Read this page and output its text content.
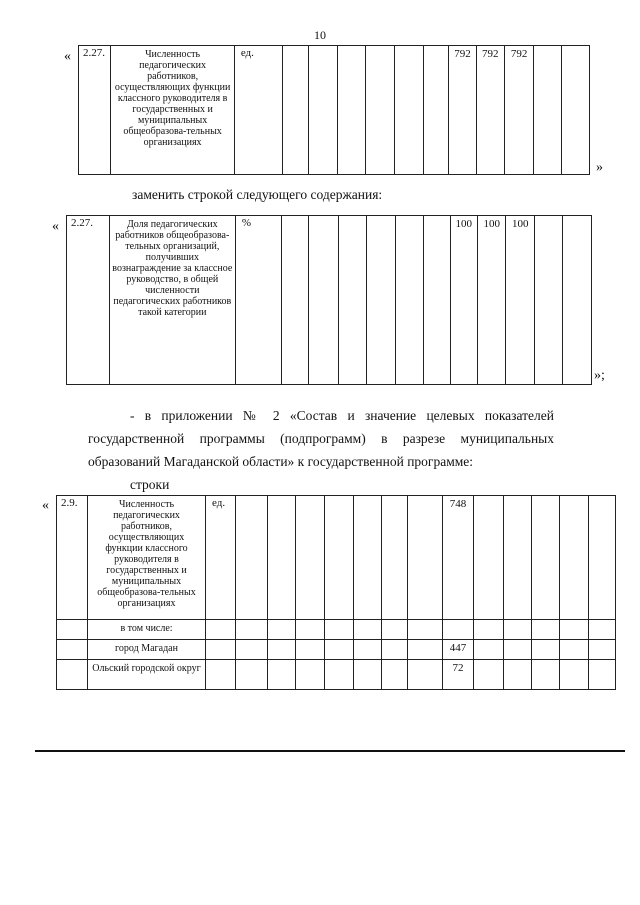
10
« 2.27.	Численность педагогических работников, осуществляющих функции классного руководителя в государственных и муниципальных общеобразова-тельных организациях	ед.							792	792	792		
»
заменить строкой следующего содержания:
« 2.27.	Доля педагогических работников общеобразова-тельных организаций, получивших вознаграждение за классное руководство, в общей численности педагогических работников такой категории	%							100	100	100		
»;
- в приложении № 2 «Состав и значение целевых показателей
государственной программы (подпрограмм) в разрезе муниципальных
образований Магаданской области» к государственной программе:
строки
« 2.9.	Численность педагогических работников, осуществляющих функции классного руководителя в государственных и муниципальных общеобразова-тельных организациях	ед.								748					
	в том числе:														
	город Магадан									447					
	Ольский городской округ									72					
